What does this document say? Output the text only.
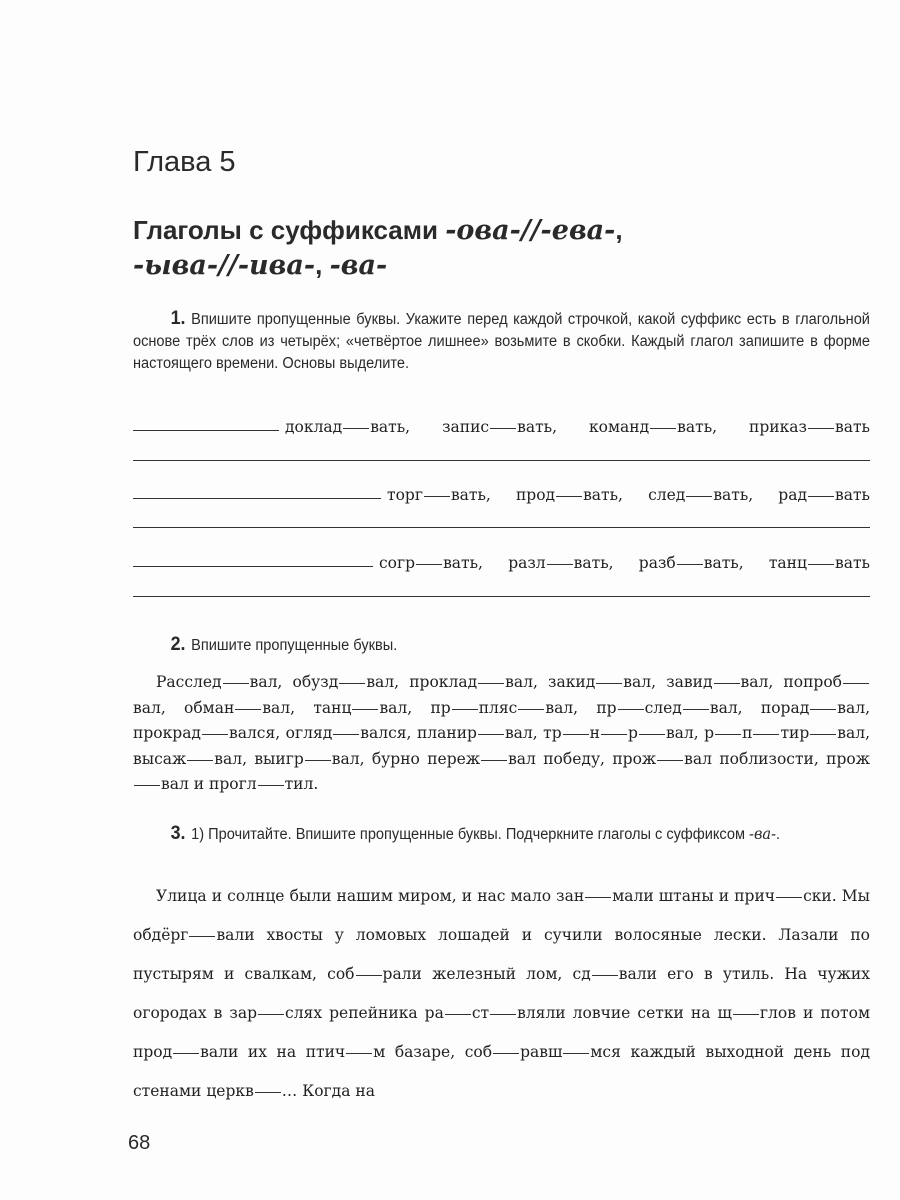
Глава 5
Глаголы с суффиксами -ова-//-ева-,
-ыва-//-ива-, -ва-
1. Впишите пропущенные буквы. Укажите перед каждой строчкой, какой суффикс есть в глагольной основе трёх слов из четырёх; «четвёртое лишнее» возьмите в скобки. Каждый глагол запишите в форме настоящего времени. Основы выделите.
доклад вать, запис вать, команд вать, приказ вать
торг вать, прод вать, след вать, рад вать
согр вать, разл вать, разб вать, танц вать
2. Впишите пропущенные буквы.

Расслед вал, обузд вал, проклад вал, закид вал, завид вал, попробвал, обман вал, танц вал, пр пляс вал, пр след вал, порад вал, прокрад вался, огляд вался, планир вал, тр н р вал, р п тир вал, высаж вал, выигр вал, бурно переж вал победу, прож вал поблизости, прожвал и прогл тил.

3. 1) Прочитайте. Впишите пропущенные буквы. Подчеркните глаголы с суффиксом -ва-.

Улица и солнце были нашим миром, и нас мало зан мали штаны и прич ски. Мы обдёрг вали хвосты у ломовых лошадей и сучили волосяные лески. Лазали по пустырям и свалкам, соб рали железный лом, сд вали его в утиль. На чужих огородах в зар слях репейника ра ст вляли ловчие сетки на щ глов и потом прод вали их на птич м базаре, соб равш мся каждый выходной день под стенами церкв … Когда на

68
